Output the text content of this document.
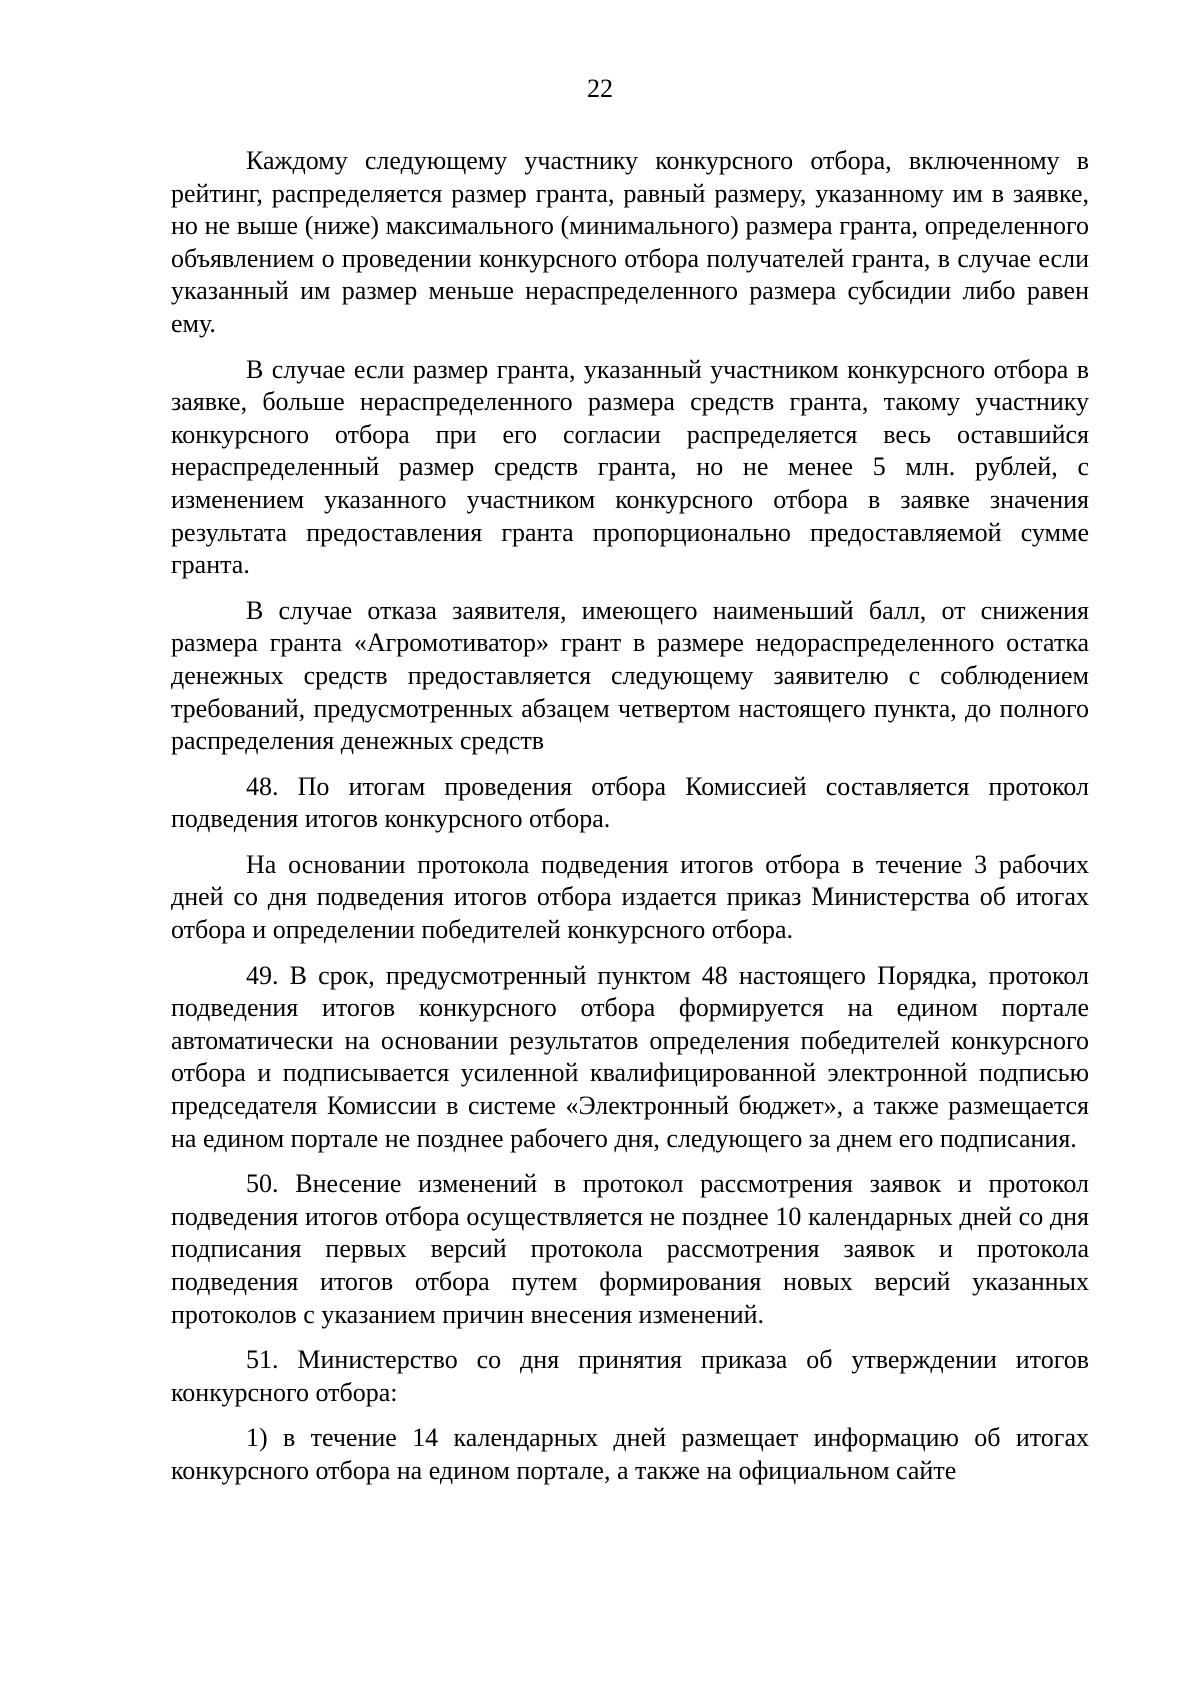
22

Каждому следующему участнику конкурсного отбора, включенному в рейтинг, распределяется размер гранта, равный размеру, указанному им в заявке, но не выше (ниже) максимального (минимального) размера гранта, определенного объявлением о проведении конкурсного отбора получателей гранта, в случае если указанный им размер меньше нераспределенного размера субсидии либо равен ему.

В случае если размер гранта, указанный участником конкурсного отбора в заявке, больше нераспределенного размера средств гранта, такому участнику конкурсного отбора при его согласии распределяется весь оставшийся нераспределенный размер средств гранта, но не менее 5 млн. рублей, с изменением указанного участником конкурсного отбора в заявке значения результата предоставления гранта пропорционально предоставляемой сумме гранта.

В случае отказа заявителя, имеющего наименьший балл, от снижения размера гранта «Агромотиватор» грант в размере недораспределенного остатка денежных средств предоставляется следующему заявителю с соблюдением требований, предусмотренных абзацем четвертом настоящего пункта, до полного распределения денежных средств

48. По итогам проведения отбора Комиссией составляется протокол подведения итогов конкурсного отбора.

На основании протокола подведения итогов отбора в течение 3 рабочих дней со дня подведения итогов отбора издается приказ Министерства об итогах отбора и определении победителей конкурсного отбора.

49. В срок, предусмотренный пунктом 48 настоящего Порядка, протокол подведения итогов конкурсного отбора формируется на едином портале автоматически на основании результатов определения победителей конкурсного отбора и подписывается усиленной квалифицированной электронной подписью председателя Комиссии в системе «Электронный бюджет», а также размещается на едином портале не позднее рабочего дня, следующего за днем его подписания.

50. Внесение изменений в протокол рассмотрения заявок и протокол подведения итогов отбора осуществляется не позднее 10 календарных дней со дня подписания первых версий протокола рассмотрения заявок и протокола подведения итогов отбора путем формирования новых версий указанных протоколов с указанием причин внесения изменений.

51. Министерство со дня принятия приказа об утверждении итогов конкурсного отбора:

1) в течение 14 календарных дней размещает информацию об итогах конкурсного отбора на едином портале, а также на официальном сайте
